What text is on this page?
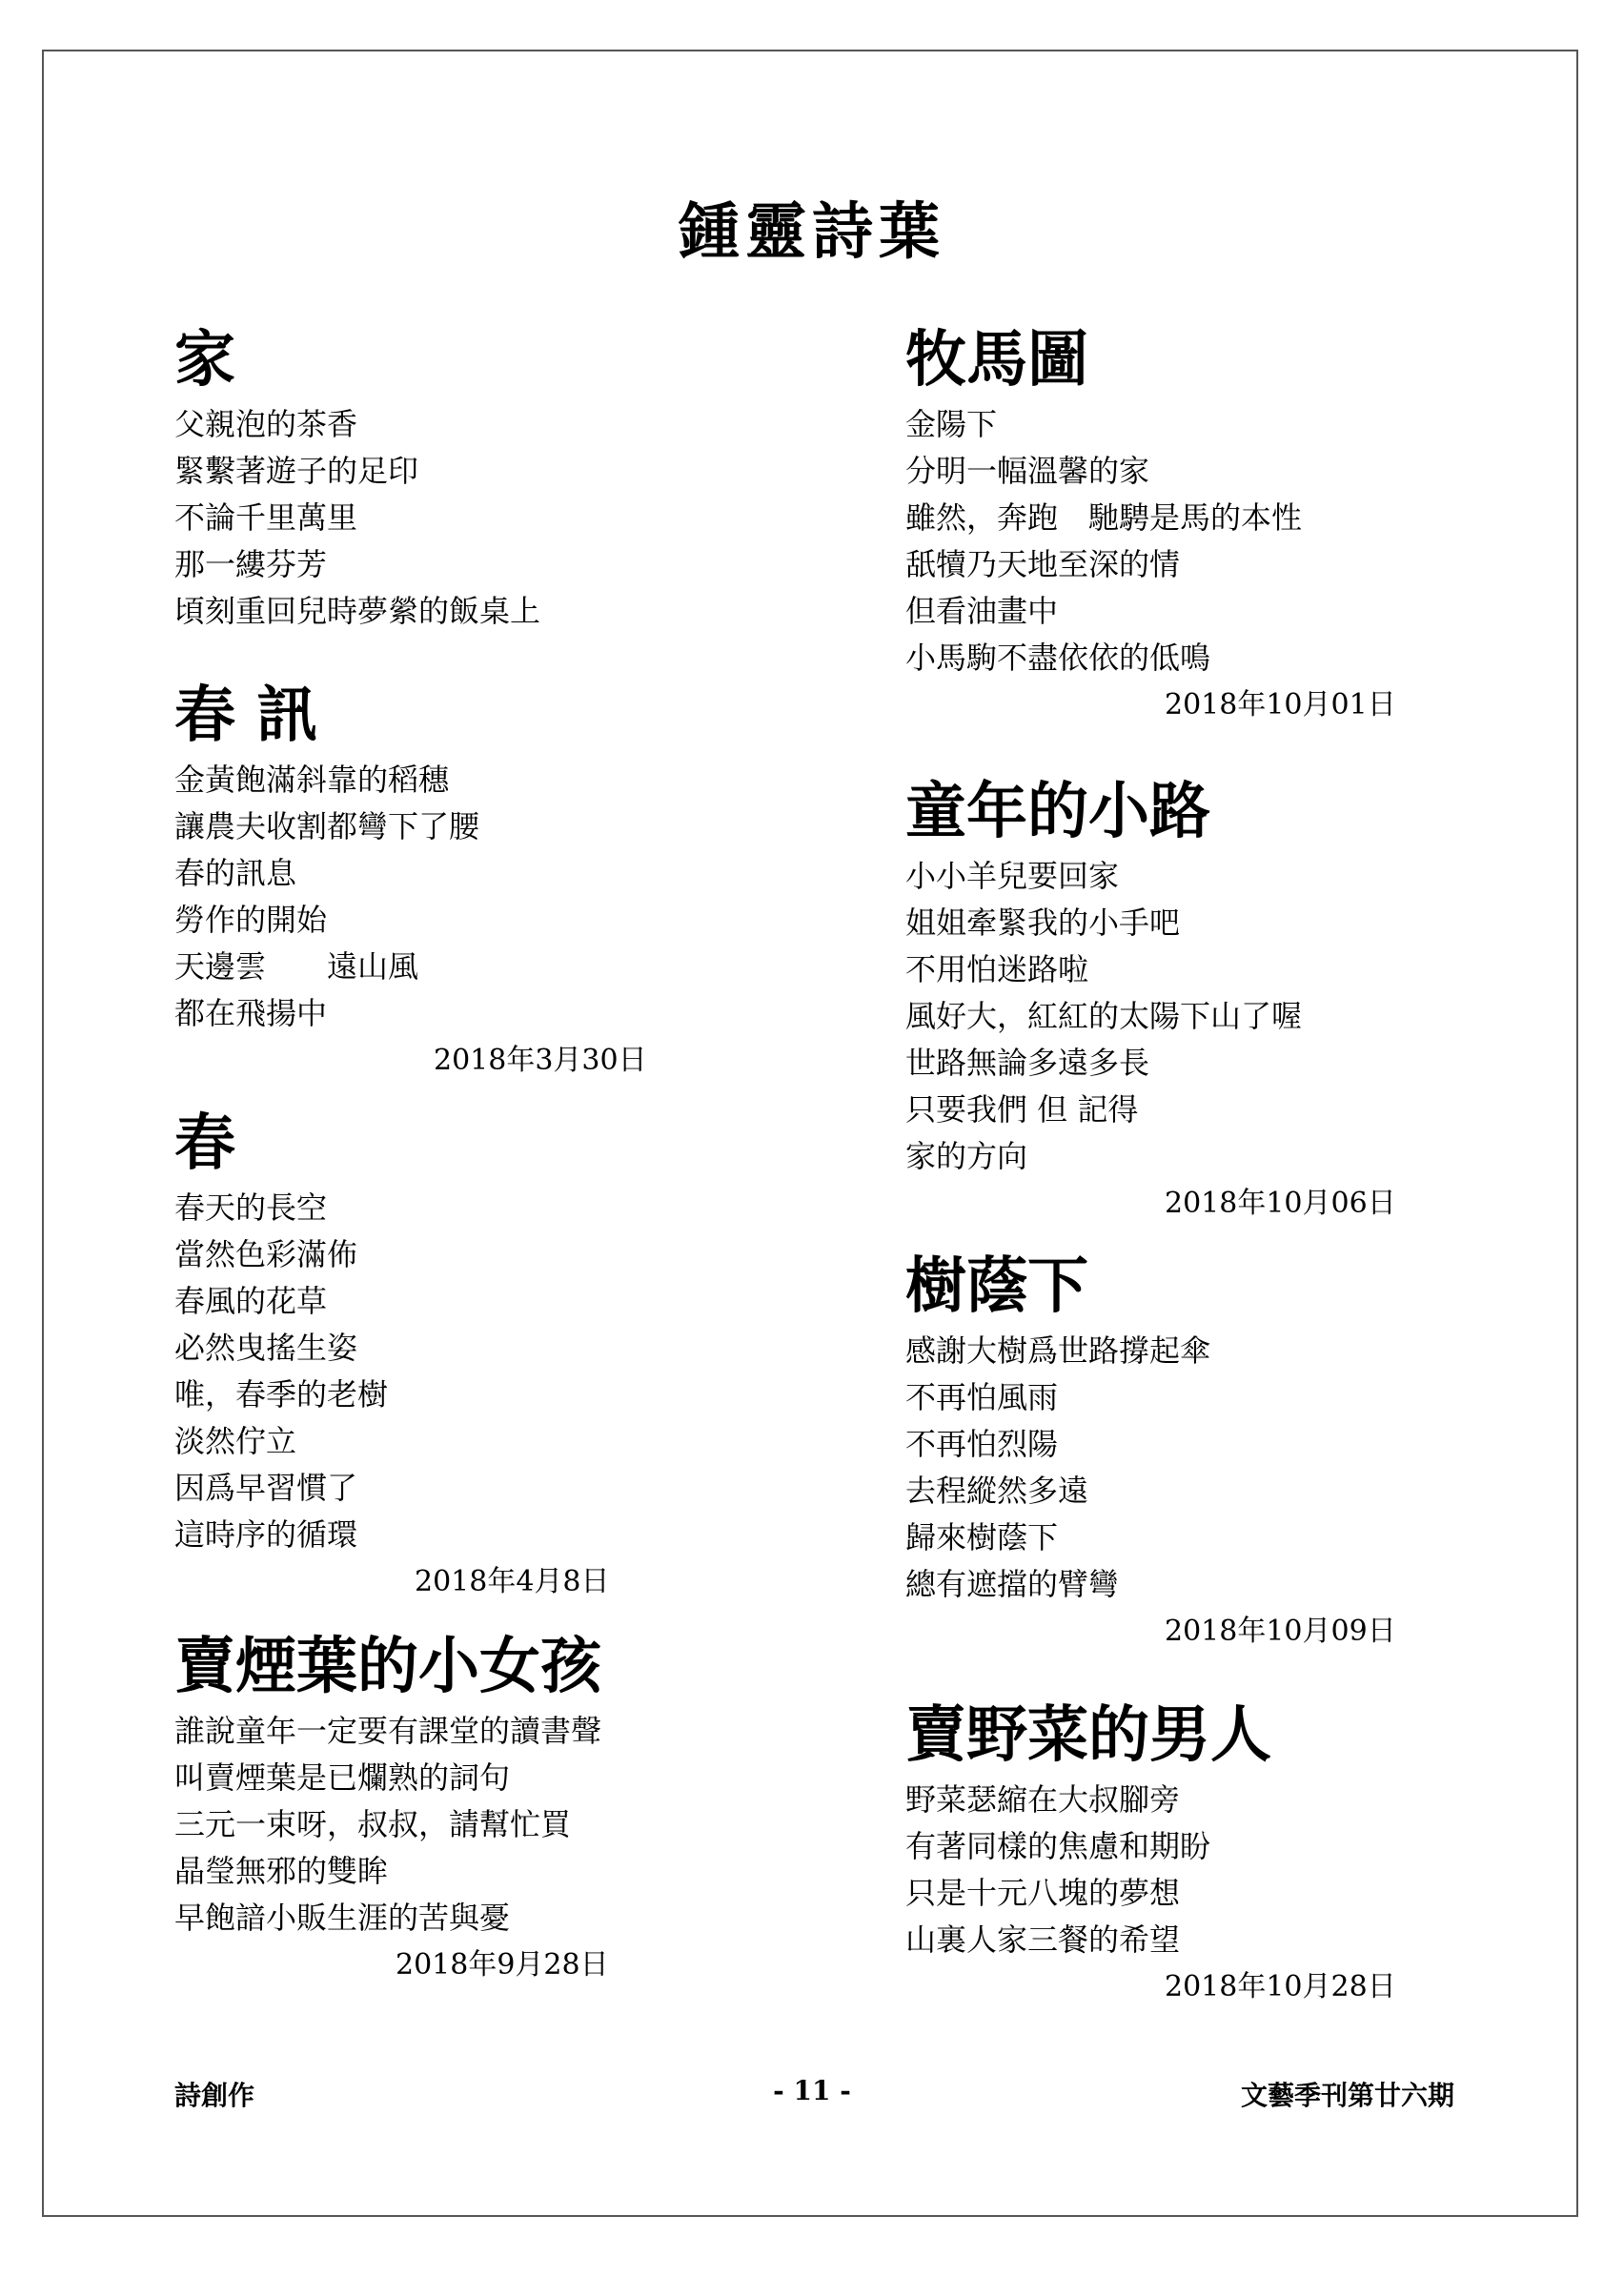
鍾靈詩葉
家
父親泡的茶香
緊繫著遊子的足印
不論千里萬里
那一縷芬芳
頃刻重回兒時夢縈的飯桌上
春 訊
金黃飽滿斜靠的稻穗
讓農夫收割都彎下了腰
春的訊息
勞作的開始
天邊雲　　遠山風
都在飛揚中
2018年3月30日
春
春天的長空
當然色彩滿佈
春風的花草
必然曳搖生姿
唯，春季的老樹
淡然佇立
因爲早習慣了
這時序的循環
2018年4月8日
賣煙葉的小女孩
誰說童年一定要有課堂的讀書聲
叫賣煙葉是已爛熟的詞句
三元一束呀，叔叔，請幫忙買
晶瑩無邪的雙眸
早飽諳小販生涯的苦與憂
2018年9月28日
牧馬圖
金陽下
分明一幅溫馨的家
雖然，奔跑　馳騁是馬的本性
舐犢乃天地至深的情
但看油畫中
小馬駒不盡依依的低鳴
2018年10月01日
童年的小路
小小羊兒要回家
姐姐牽緊我的小手吧
不用怕迷路啦
風好大，紅紅的太陽下山了喔
世路無論多遠多長
只要我們 但 記得
家的方向
2018年10月06日
樹蔭下
感謝大樹爲世路撐起傘
不再怕風雨
不再怕烈陽
去程縱然多遠
歸來樹蔭下
總有遮擋的臂彎
2018年10月09日
賣野菜的男人
野菜瑟縮在大叔腳旁
有著同樣的焦慮和期盼
只是十元八塊的夢想
山裏人家三餐的希望
2018年10月28日
詩創作	- 11 -	文藝季刊第廿六期
